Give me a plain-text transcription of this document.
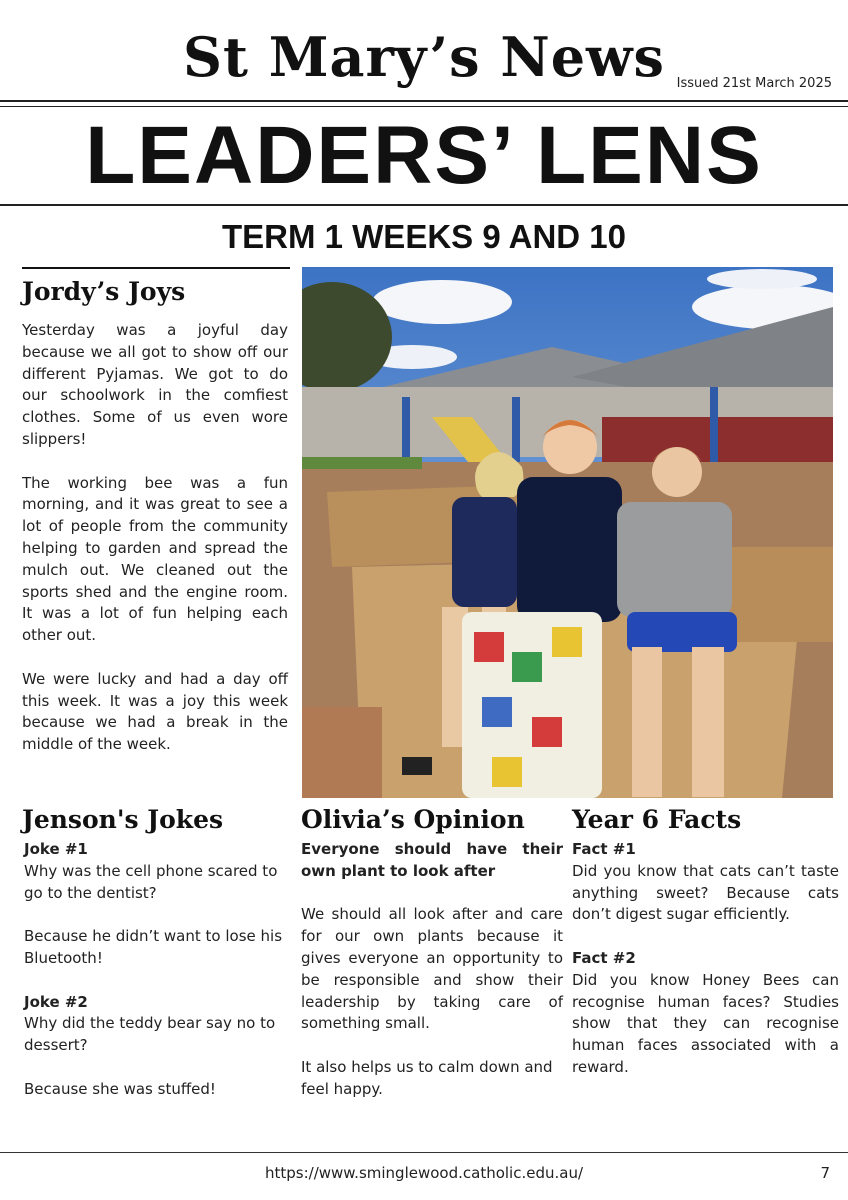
St Mary’s News Issued 21st March 2025
LEADERS’ LENS
TERM 1 WEEKS 9 AND 10
Jordy’s Joys

Yesterday was a joyful day because we all got to show off our different Pyjamas. We got to do our schoolwork in the comfiest clothes. Some of us even wore slippers!

The working bee was a fun morning, and it was great to see a lot of people from the community helping to garden and spread the mulch out. We cleaned out the sports shed and the engine room. It was a lot of fun helping each other out.

We were lucky and had a day off this week. It was a joy this week because we had a break in the middle of the week.

Jenson's Jokes

Joke #1

Why was the cell phone scared to go to the dentist?

Because he didn’t want to lose his Bluetooth!

Joke #2

Why did the teddy bear say no to dessert?

Because she was stuffed!

Olivia’s Opinion

Everyone should have their own plant to look after

We should all look after and care for our own plants because it gives everyone an opportunity to be responsible and show their leadership by taking care of something small.

It also helps us to calm down and feel happy.

Year 6 Facts

Fact #1

Did you know that cats can’t taste anything sweet? Because cats don’t digest sugar efficiently.

Fact #2

Did you know Honey Bees can recognise human faces? Studies show that they can recognise human faces associated with a reward.

https://www.sminglewood.catholic.edu.au/	7
